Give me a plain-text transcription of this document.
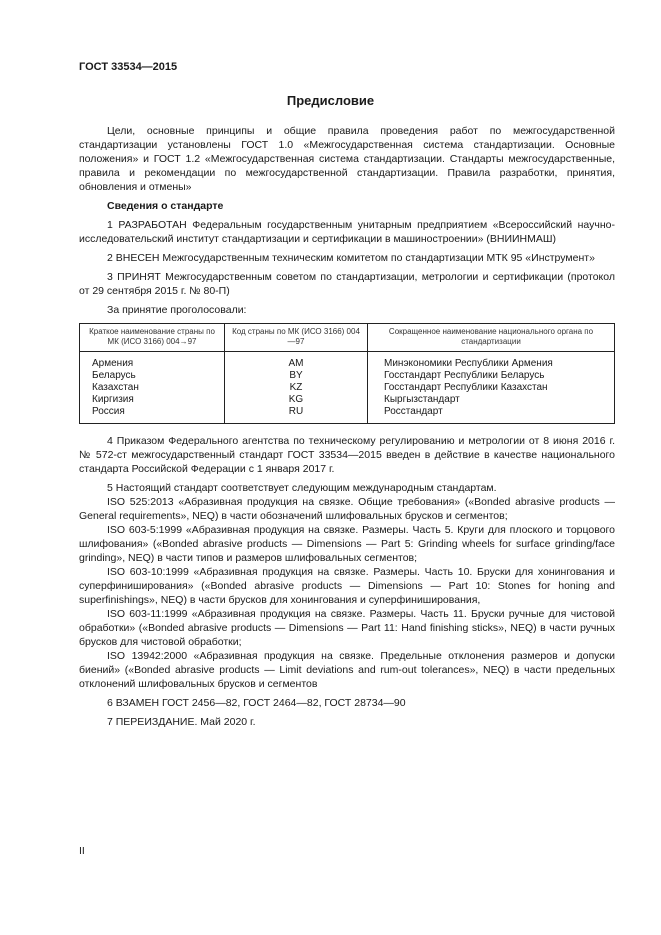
ГОСТ 33534—2015
Предисловие

Цели, основные принципы и общие правила проведения работ по межгосударственной стандартизации установлены ГОСТ 1.0 «Межгосударственная система стандартизации. Основные положения» и ГОСТ 1.2 «Межгосударственная система стандартизации. Стандарты межгосударственные, правила и рекомендации по межгосударственной стандартизации. Правила разработки, принятия, обновления и отмены»

Сведения о стандарте

1 РАЗРАБОТАН Федеральным государственным унитарным предприятием «Всероссийский научно-исследовательский институт стандартизации и сертификации в машиностроении» (ВНИИНМАШ)

2 ВНЕСЕН Межгосударственным техническим комитетом по стандартизации МТК 95 «Инструмент»

3 ПРИНЯТ Межгосударственным советом по стандартизации, метрологии и сертификации (протокол от 29 сентября 2015 г. № 80-П)

За принятие проголосовали:

Краткое наименование страны по МК (ИСО 3166) 004→97	Код страны по МК (ИСО 3166) 004—97	Сокращенное наименование национального органа по стандартизации
Армения	AM	Минэкономики Республики Армения
Беларусь	BY	Госстандарт Республики Беларусь
Казахстан	KZ	Госстандарт Республики Казахстан
Киргизия	KG	Кыргызстандарт
Россия	RU	Росстандарт

4 Приказом Федерального агентства по техническому регулированию и метрологии от 8 июня 2016 г. № 572-ст межгосударственный стандарт ГОСТ 33534—2015 введен в действие в качестве национального стандарта Российской Федерации с 1 января 2017 г.

5 Настоящий стандарт соответствует следующим международным стандартам.

ISO 525:2013 «Абразивная продукция на связке. Общие требования» («Bonded abrasive products — General requirements», NEQ) в части обозначений шлифовальных брусков и сегментов;

ISO 603-5:1999 «Абразивная продукция на связке. Размеры. Часть 5. Круги для плоского и торцового шлифования» («Bonded abrasive products — Dimensions — Part 5: Grinding wheels for surface grinding/face grinding», NEQ) в части типов и размеров шлифовальных сегментов;

ISO 603-10:1999 «Абразивная продукция на связке. Размеры. Часть 10. Бруски для хонингования и суперфиниширования» («Bonded abrasive products — Dimensions — Part 10: Stones for honing and superfinishings», NEQ) в части брусков для хонингования и суперфиниширования,

ISO 603-11:1999 «Абразивная продукция на связке. Размеры. Часть 11. Бруски ручные для чистовой обработки» («Bonded abrasive products — Dimensions — Part 11: Hand finishing sticks», NEQ) в части ручных брусков для чистовой обработки;

ISO 13942:2000 «Абразивная продукция на связке. Предельные отклонения размеров и допуски биений» («Bonded abrasive products — Limit deviations and rum-out tolerances», NEQ) в части предельных отклонений шлифовальных брусков и сегментов

6 ВЗАМЕН ГОСТ 2456—82, ГОСТ 2464—82, ГОСТ 28734—90

7 ПЕРЕИЗДАНИЕ. Май 2020 г.

II
